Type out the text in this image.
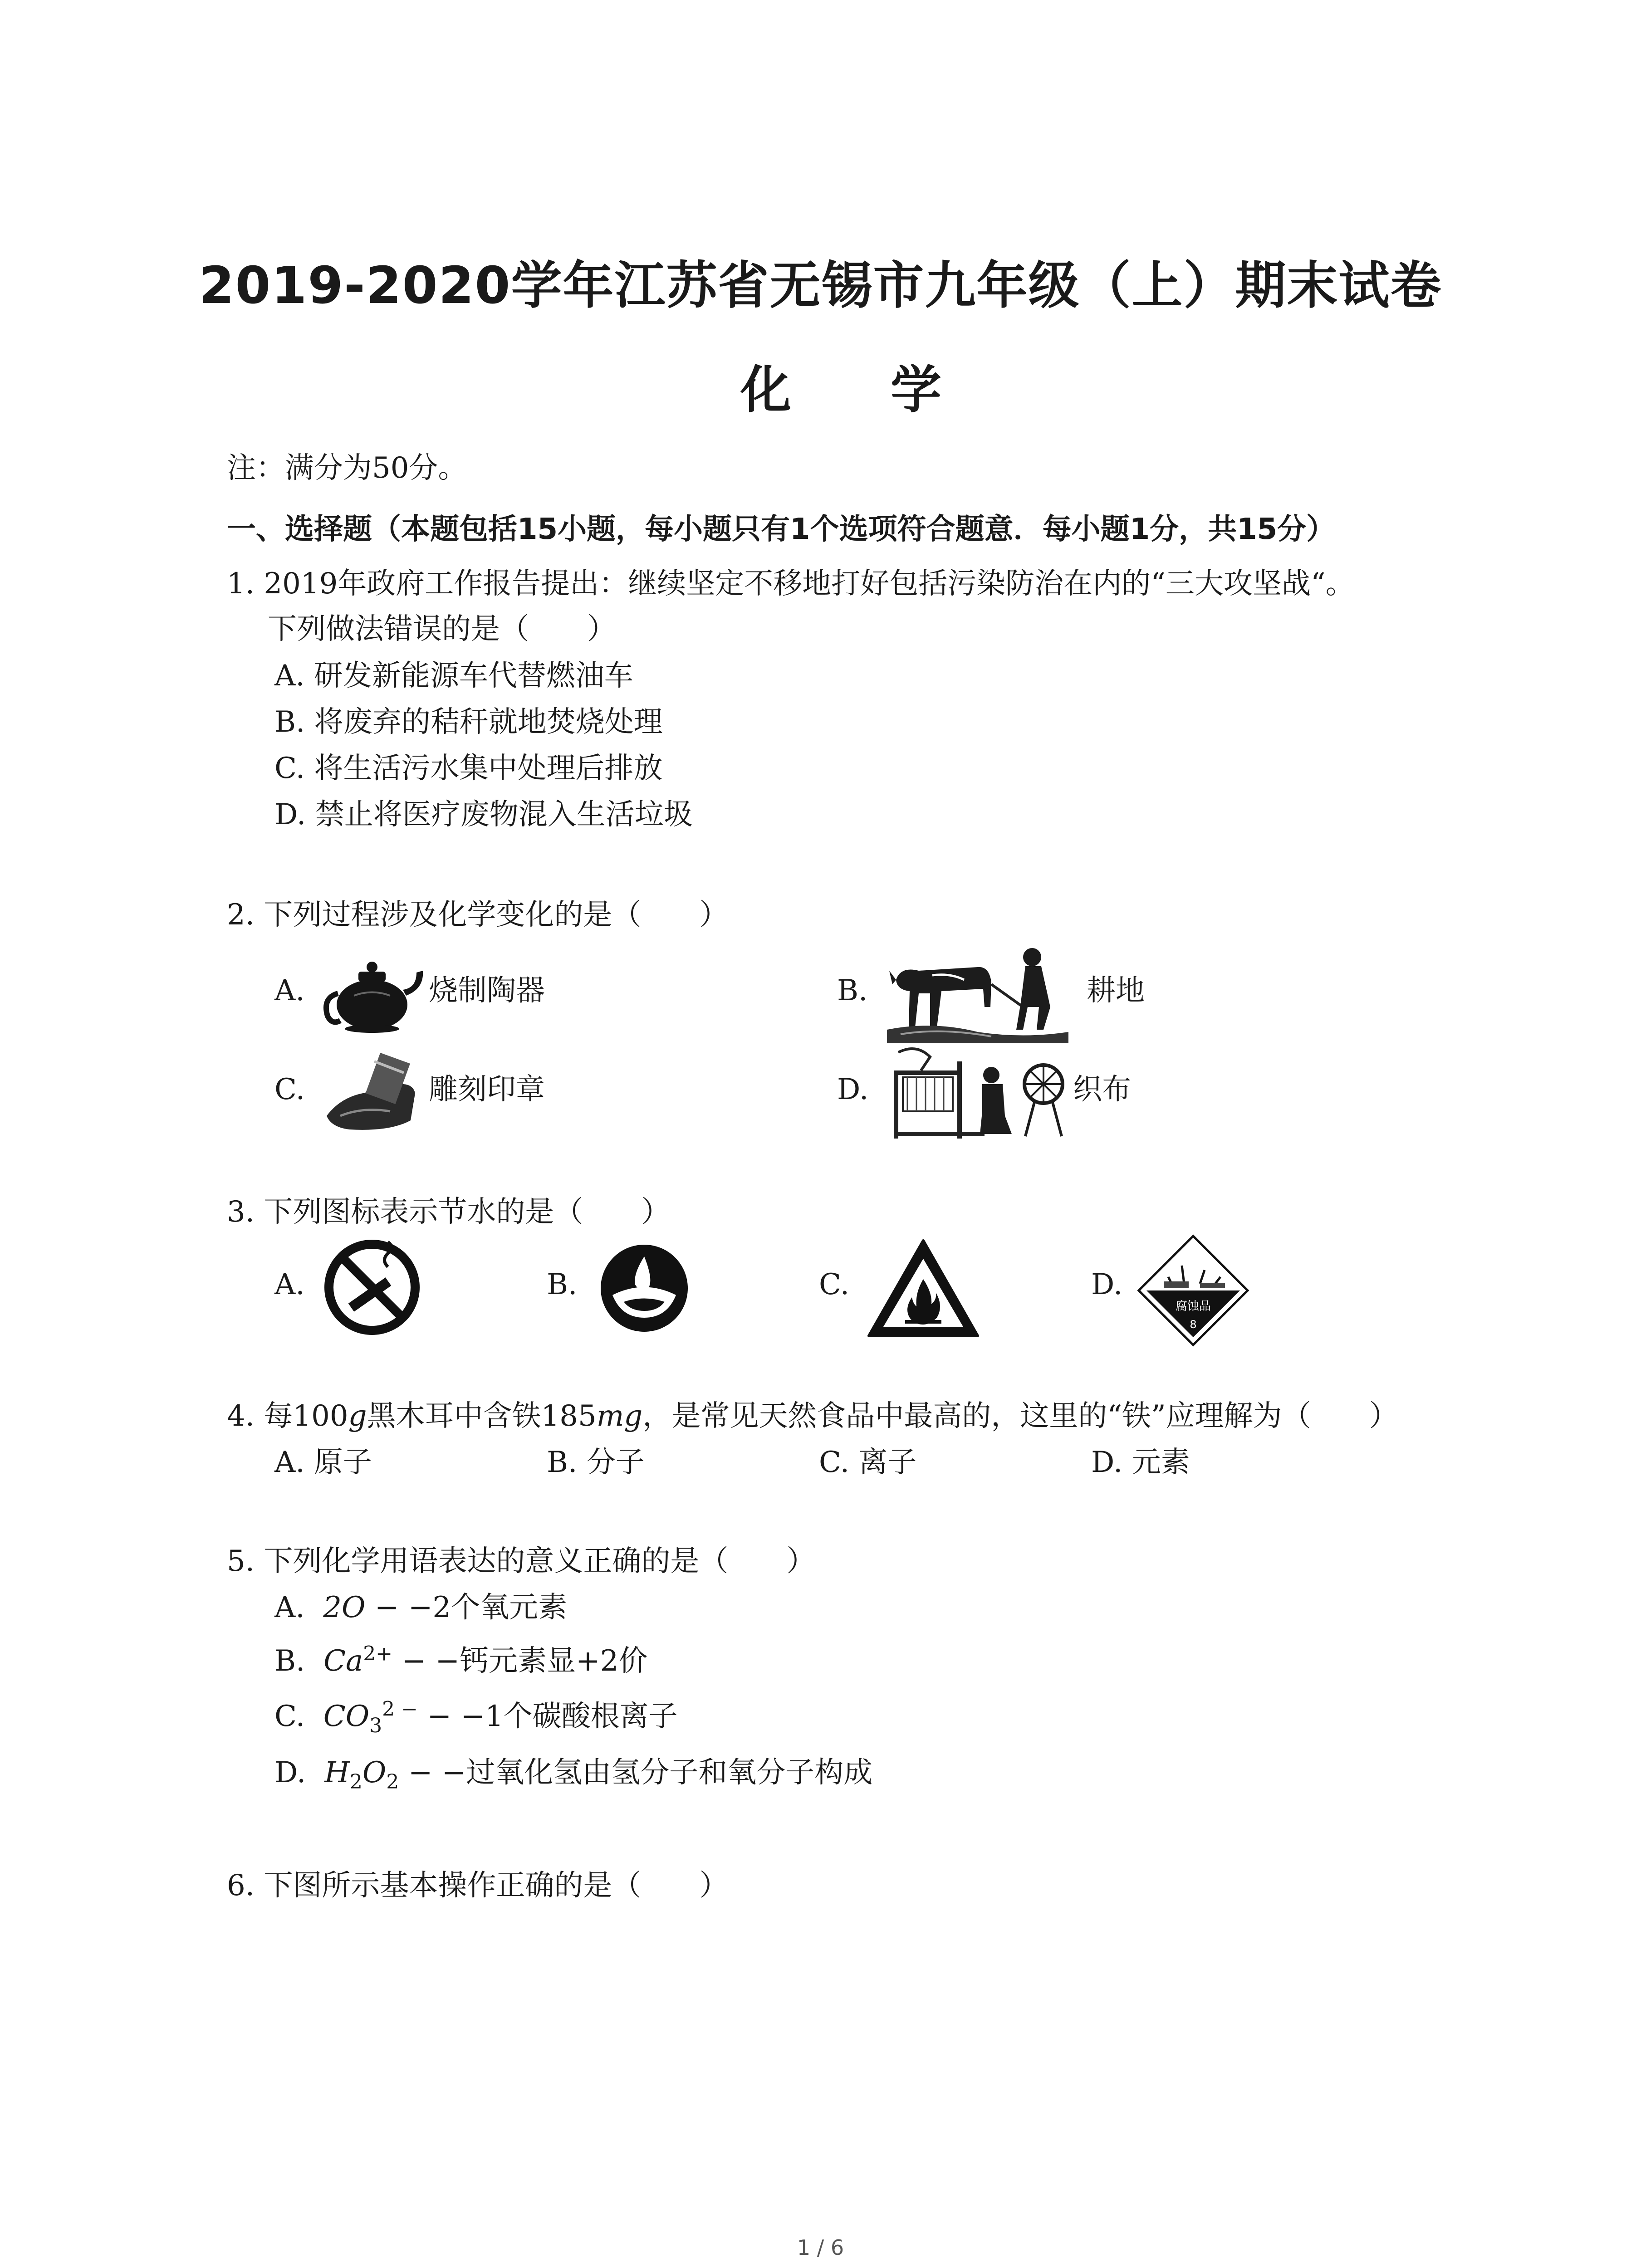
2019-2020学年江苏省无锡市九年级（上）期末试卷
化 学
注：满分为50分。
一、选择题（本题包括15小题，每小题只有1个选项符合题意．每小题1分，共15分）
1. 2019年政府工作报告提出：继续坚定不移地打好包括污染防治在内的“三大攻坚战“。
下列做法错误的是（　　）
A. 研发新能源车代替燃油车
B. 将废弃的秸秆就地焚烧处理
C. 将生活污水集中处理后排放
D. 禁止将医疗废物混入生活垃圾
2. 下列过程涉及化学变化的是（　　）
A.	烧制陶器	B.	耕地
C.	雕刻印章	D.	织布
3. 下列图标表示节水的是（　　）
A.	B.	C.	D.
腐蚀品
8
4. 每100g黑木耳中含铁185mg，是常见天然食品中最高的，这里的“铁”应理解为（　　）
A. 原子	B. 分子	C. 离子	D. 元素
5. 下列化学用语表达的意义正确的是（　　）
A. 2O − −2个氧元素
B. $Ca^{2+}$ − −钙元素显+2价
C. $CO_3^{2 -} - -1$个碳酸根离子
D. $H_2O_2$ − −过氧化氢由氢分子和氧分子构成
6. 下图所示基本操作正确的是（　　）
1 / 6
